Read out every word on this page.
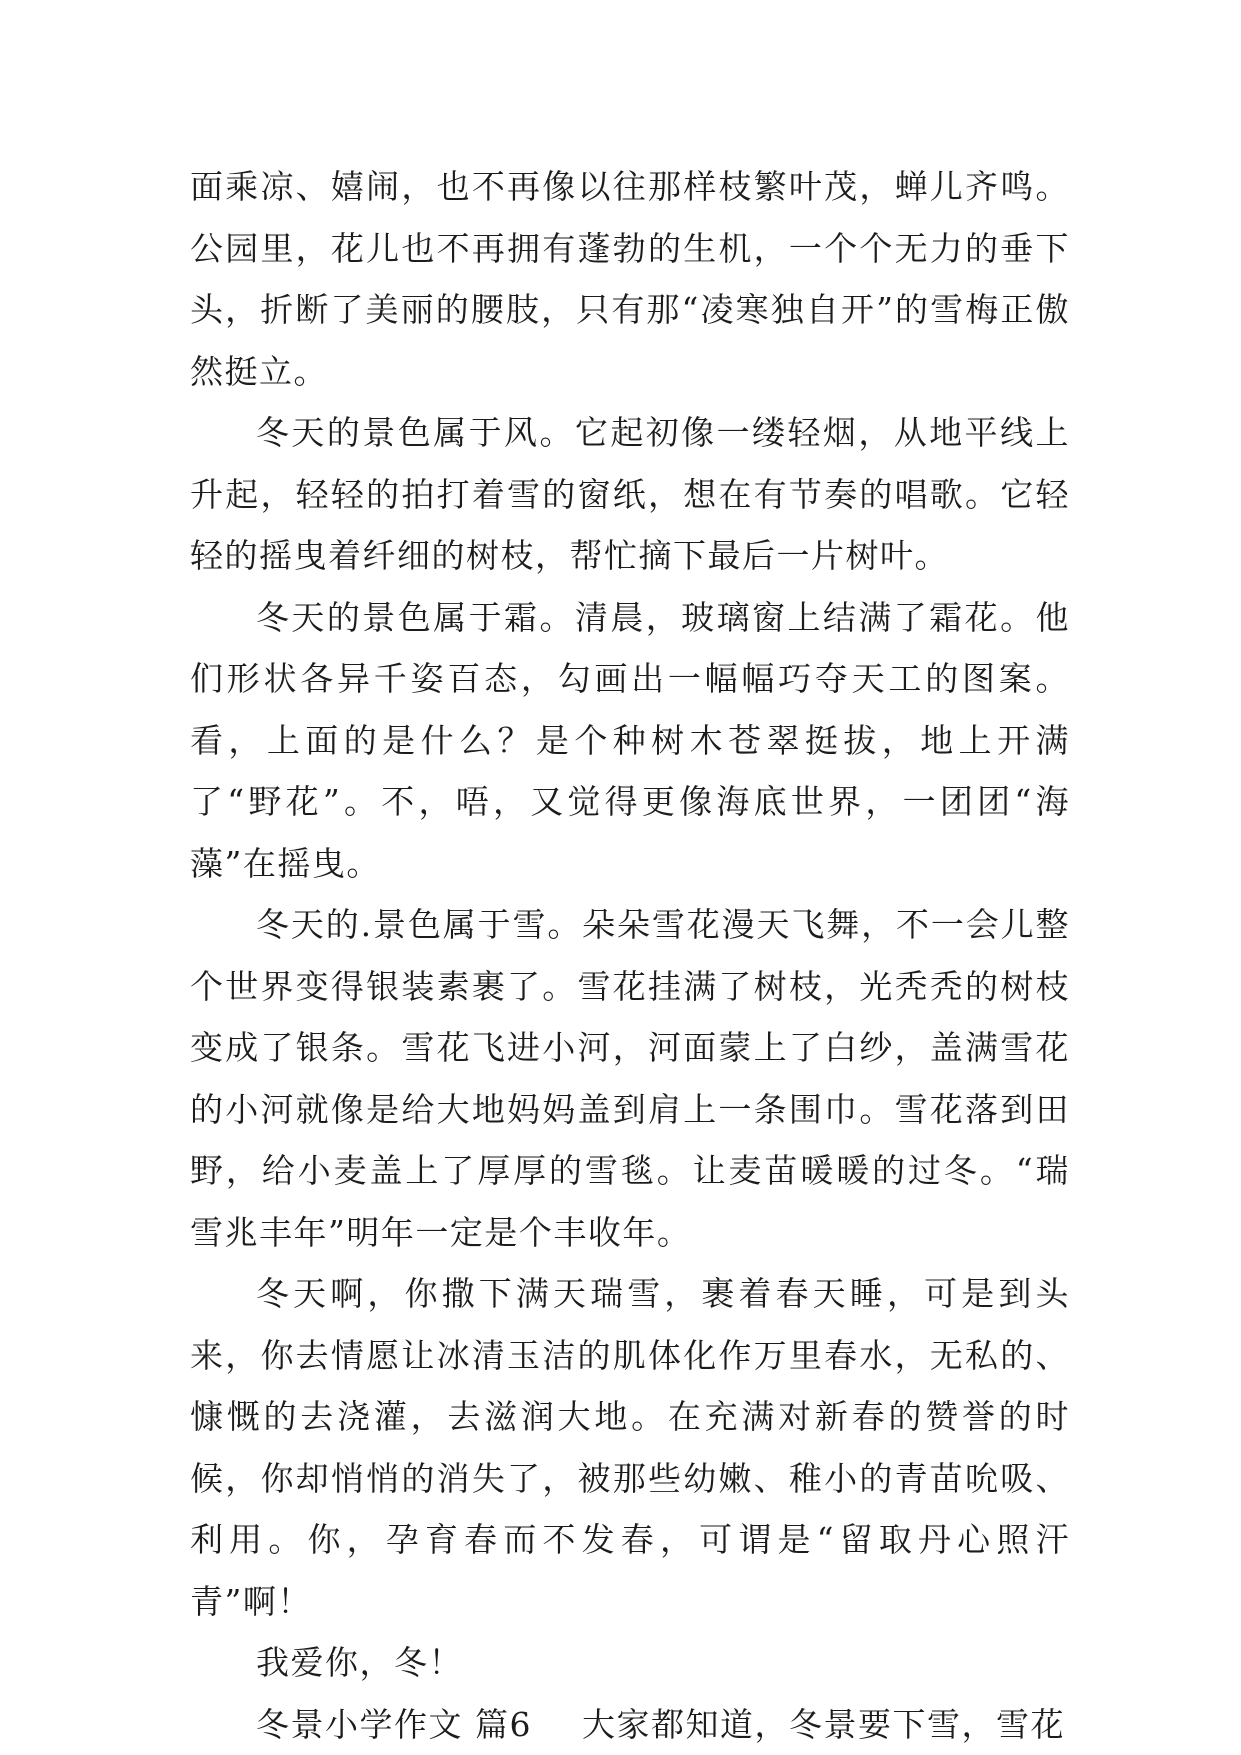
面乘凉、嬉闹，也不再像以往那样枝繁叶茂，蝉儿齐鸣。公园里，花儿也不再拥有蓬勃的生机，一个个无力的垂下头，折断了美丽的腰肢，只有那“凌寒独自开”的雪梅正傲然挺立。

冬天的景色属于风。它起初像一缕轻烟，从地平线上升起，轻轻的拍打着雪的窗纸，想在有节奏的唱歌。它轻轻的摇曳着纤细的树枝，帮忙摘下最后一片树叶。

冬天的景色属于霜。清晨，玻璃窗上结满了霜花。他们形状各异千姿百态，勾画出一幅幅巧夺天工的图案。看，上面的是什么？是个种树木苍翠挺拔，地上开满了“野花”。不，唔，又觉得更像海底世界，一团团“海藻”在摇曳。

冬天的.景色属于雪。朵朵雪花漫天飞舞，不一会儿整个世界变得银装素裹了。雪花挂满了树枝，光秃秃的树枝变成了银条。雪花飞进小河，河面蒙上了白纱，盖满雪花的小河就像是给大地妈妈盖到肩上一条围巾。雪花落到田野，给小麦盖上了厚厚的雪毯。让麦苗暖暖的过冬。“瑞雪兆丰年”明年一定是个丰收年。

冬天啊，你撒下满天瑞雪，裹着春天睡，可是到头来，你去情愿让冰清玉洁的肌体化作万里春水，无私的、慷慨的去浇灌，去滋润大地。在充满对新春的赞誉的时候，你却悄悄的消失了，被那些幼嫩、稚小的青苗吮吸、利用。你，孕育春而不发春，可谓是“留取丹心照汗青”啊！

我爱你，冬！

冬景小学作文 篇6 大家都知道，冬景要下雪，雪花
